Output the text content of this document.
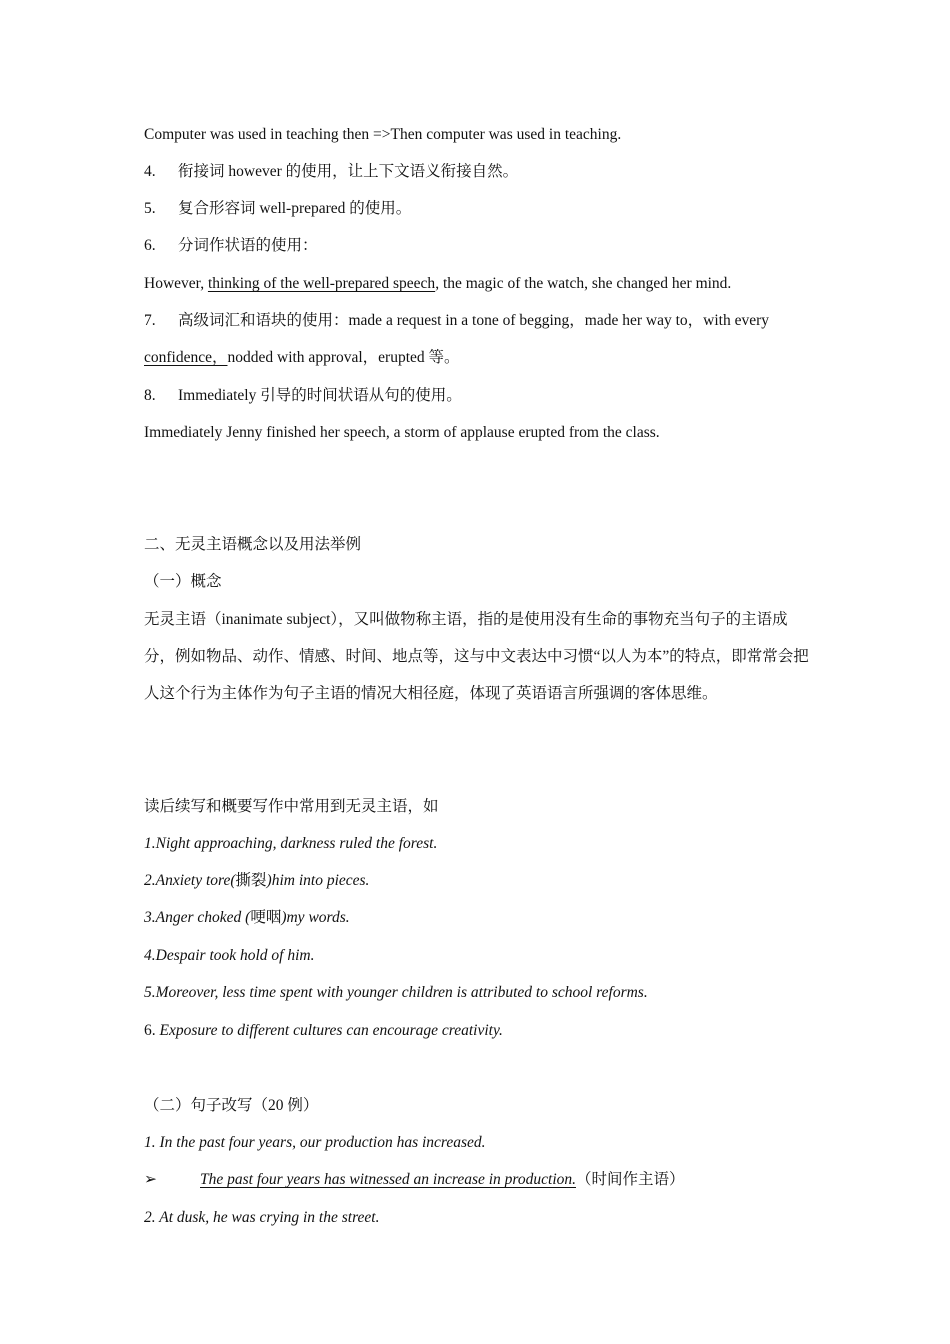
Computer was used in teaching then =>Then computer was used in teaching.
4. 衔接词 however 的使用，让上下文语义衔接自然。
5. 复合形容词 well-prepared 的使用。
6. 分词作状语的使用：
However, thinking of the well-prepared speech, the magic of the watch, she changed her mind.
7. 高级词汇和语块的使用：made a request in a tone of begging，made her way to，with every
confidence，nodded with approval，erupted 等。
8. Immediately 引导的时间状语从句的使用。
Immediately Jenny finished her speech, a storm of applause erupted from the class.
二、无灵主语概念以及用法举例
（一）概念
无灵主语（inanimate subject），又叫做物称主语，指的是使用没有生命的事物充当句子的主语成分，例如物品、动作、情感、时间、地点等，这与中文表达中习惯“以人为本”的特点，即常常会把人这个行为主体作为句子主语的情况大相径庭，体现了英语语言所强调的客体思维。
读后续写和概要写作中常用到无灵主语，如
1.Night approaching, darkness ruled the forest.
2.Anxiety tore(撕裂)him into pieces.
3.Anger choked (哽咽)my words.
4.Despair took hold of him.
5.Moreover, less time spent with younger children is attributed to school reforms.
6. Exposure to different cultures can encourage creativity.
（二）句子改写（20 例）
1. In the past four years, our production has increased.
➢	The past four years has witnessed an increase in production.（时间作主语）
2. At dusk, he was crying in the street.
